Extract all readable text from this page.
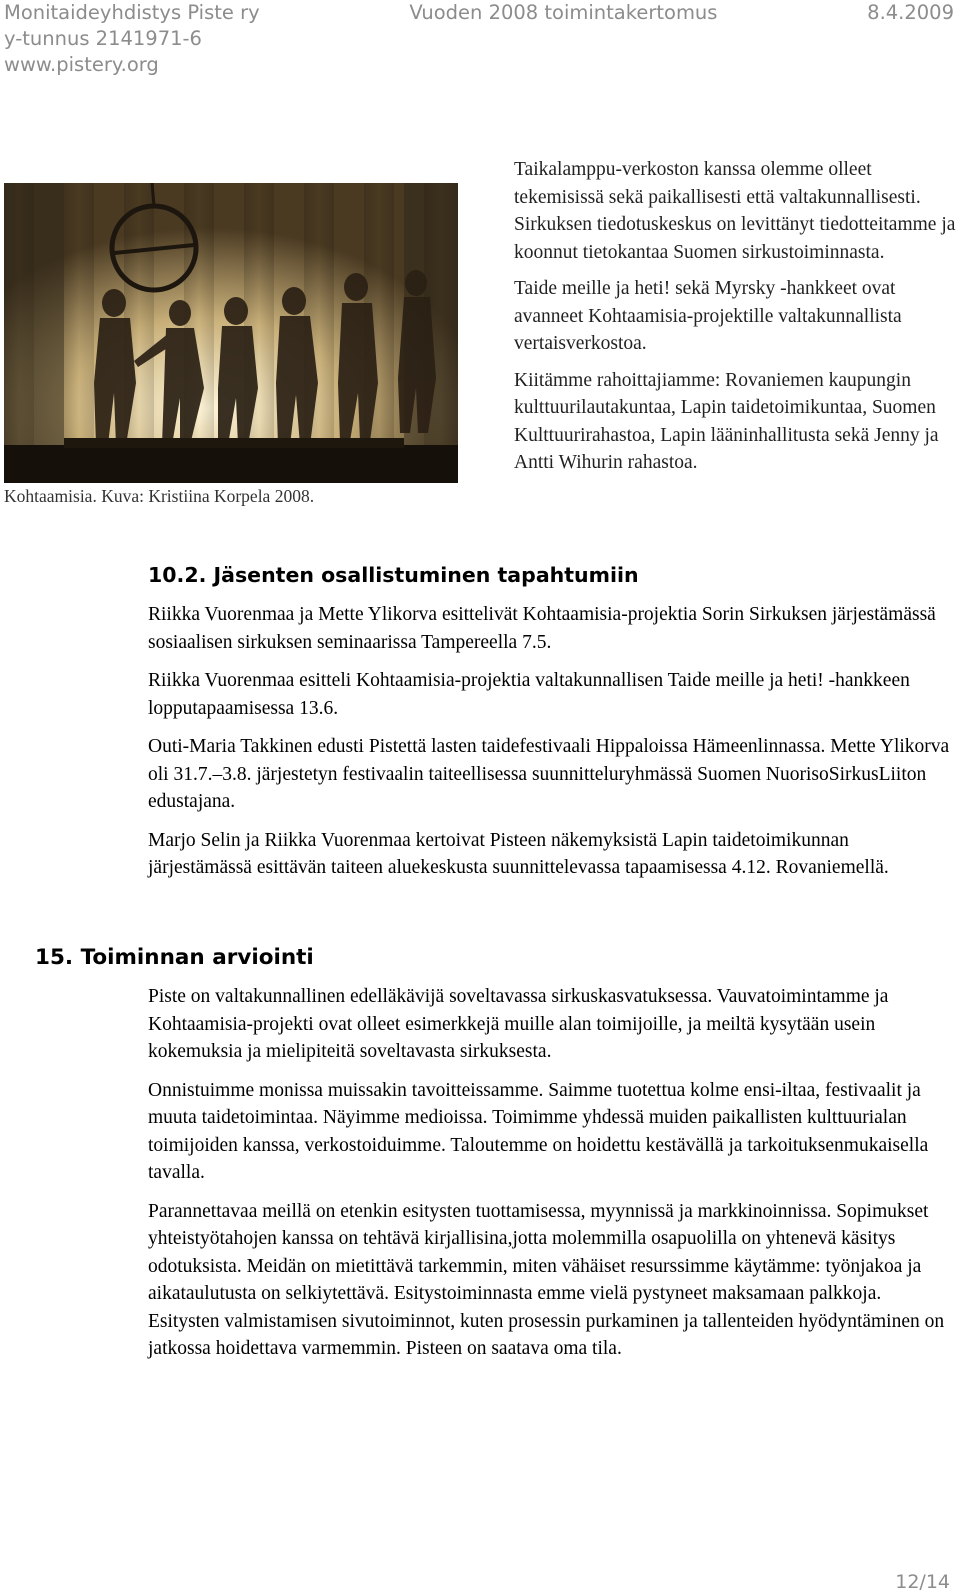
Monitaideyhdistys Piste ry	Vuoden 2008 toimintakertomus	8.4.2009
y-tunnus 2141971-6
www.pistery.org
Kohtaamisia. Kuva: Kristiina Korpela 2008.

Taikalamppu-verkoston kanssa olemme olleet tekemisissä sekä paikallisesti että valtakunnallisesti. Sirkuksen tiedotuskeskus on levittänyt tiedotteitamme ja koonnut tietokantaa Suomen sirkustoiminnasta.

Taide meille ja heti! sekä Myrsky -hankkeet ovat avanneet Kohtaamisia-projektille valtakunnallista vertaisverkostoa.

Kiitämme rahoittajiamme: Rovaniemen kaupungin kulttuurilautakuntaa, Lapin taidetoimikuntaa, Suomen Kulttuurirahastoa, Lapin lääninhallitusta sekä Jenny ja Antti Wihurin rahastoa.

10.2. Jäsenten osallistuminen tapahtumiin

Riikka Vuorenmaa ja Mette Ylikorva esittelivät Kohtaamisia-projektia Sorin Sirkuksen järjestämässä sosiaalisen sirkuksen seminaarissa Tampereella 7.5.

Riikka Vuorenmaa esitteli Kohtaamisia-projektia valtakunnallisen Taide meille ja heti! -hankkeen lopputapaamisessa 13.6.

Outi-Maria Takkinen edusti Pistettä lasten taidefestivaali Hippaloissa Hämeenlinnassa. Mette Ylikorva oli 31.7.–3.8. järjestetyn festivaalin taiteellisessa suunnitteluryhmässä Suomen NuorisoSirkusLiiton edustajana.

Marjo Selin ja Riikka Vuorenmaa kertoivat Pisteen näkemyksistä Lapin taidetoimikunnan järjestämässä esittävän taiteen aluekeskusta suunnittelevassa tapaamisessa 4.12. Rovaniemellä.

15. Toiminnan arviointi

Piste on valtakunnallinen edelläkävijä soveltavassa sirkuskasvatuksessa. Vauvatoimintamme ja Kohtaamisia-projekti ovat olleet esimerkkejä muille alan toimijoille, ja meiltä kysytään usein kokemuksia ja mielipiteitä soveltavasta sirkuksesta.

Onnistuimme monissa muissakin tavoitteissamme. Saimme tuotettua kolme ensi-iltaa, festivaalit ja muuta taidetoimintaa. Näyimme medioissa. Toimimme yhdessä muiden paikallisten kulttuurialan toimijoiden kanssa, verkostoiduimme. Taloutemme on hoidettu kestävällä ja tarkoituksenmukaisella tavalla.

Parannettavaa meillä on etenkin esitysten tuottamisessa, myynnissä ja markkinoinnissa. Sopimukset yhteistyötahojen kanssa on tehtävä kirjallisina,jotta molemmilla osapuolilla on yhtenevä käsitys odotuksista. Meidän on mietittävä tarkemmin, miten vähäiset resurssimme käytämme: työnjakoa ja aikataulutusta on selkiytettävä. Esitystoiminnasta emme vielä pystyneet maksamaan palkkoja. Esitysten valmistamisen sivutoiminnot, kuten prosessin purkaminen ja tallenteiden hyödyntäminen on jatkossa hoidettava varmemmin. Pisteen on saatava oma tila.

12/14
